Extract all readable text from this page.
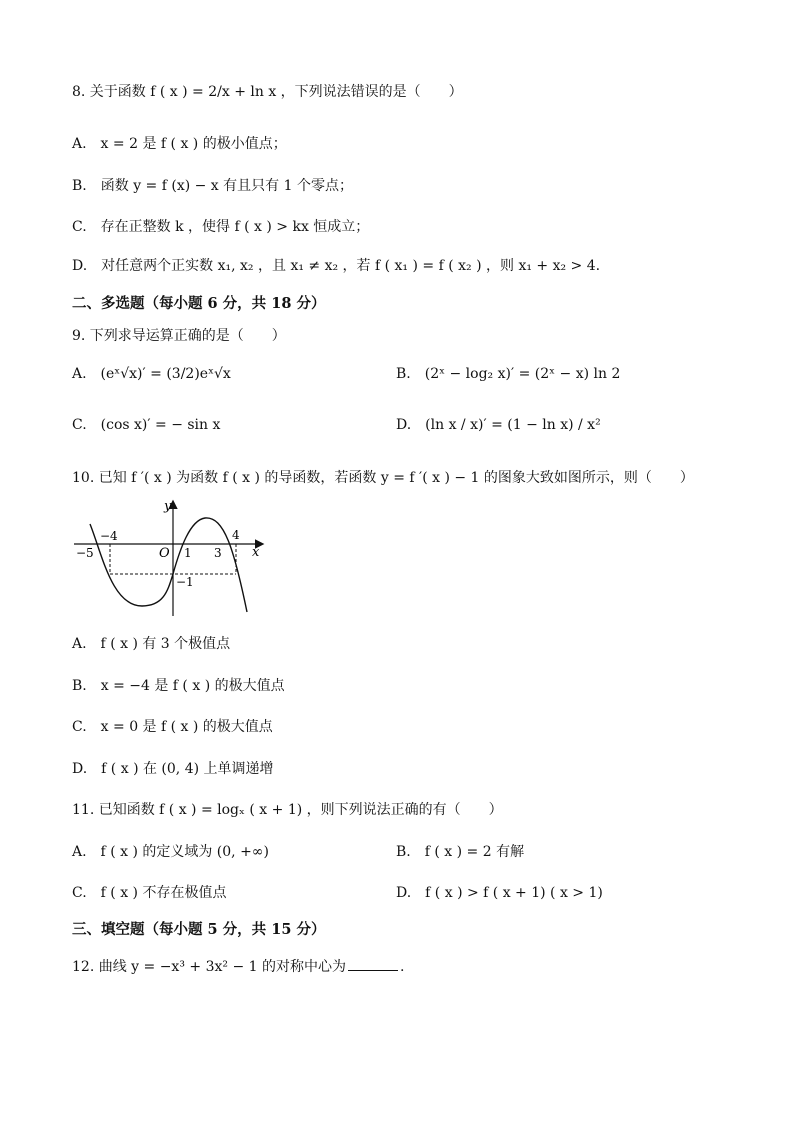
8. 关于函数 f ( x ) = 2/x + ln x ，下列说法错误的是（　　）
A.　x = 2 是 f ( x ) 的极小值点；
B.　函数 y = f (x) − x 有且只有 1 个零点；
C.　存在正整数 k ，使得 f ( x ) > kx 恒成立；
D.　对任意两个正实数 x₁, x₂ ，且 x₁ ≠ x₂ ，若 f ( x₁ ) = f ( x₂ ) ，则 x₁ + x₂ > 4.
二、多选题（每小题 6 分，共 18 分）
9. 下列求导运算正确的是（　　）
A.　(eˣ√x)′ = (3/2)eˣ√x	B.　(2ˣ − log₂ x)′ = (2ˣ − x) ln 2
C.　(cos x)′ = − sin x	D.　(ln x / x)′ = (1 − ln x) / x²
10. 已知 f ′( x ) 为函数 f ( x ) 的导函数，若函数 y = f ′( x ) − 1 的图象大致如图所示，则（　　）
y
x
O
−5
−4
1 3
4
−1
A.　f ( x ) 有 3 个极值点
B.　x = −4 是 f ( x ) 的极大值点
C.　x = 0 是 f ( x ) 的极大值点
D.　f ( x ) 在 (0, 4) 上单调递增
11. 已知函数 f ( x ) = logₓ ( x + 1) ，则下列说法正确的有（　　）
A.　f ( x ) 的定义域为 (0, +∞)	B.　f ( x ) = 2 有解
C.　f ( x ) 不存在极值点	D.　f ( x ) > f ( x + 1) ( x > 1)
三、填空题（每小题 5 分，共 15 分）
12. 曲线 y = −x³ + 3x² − 1 的对称中心为	.
